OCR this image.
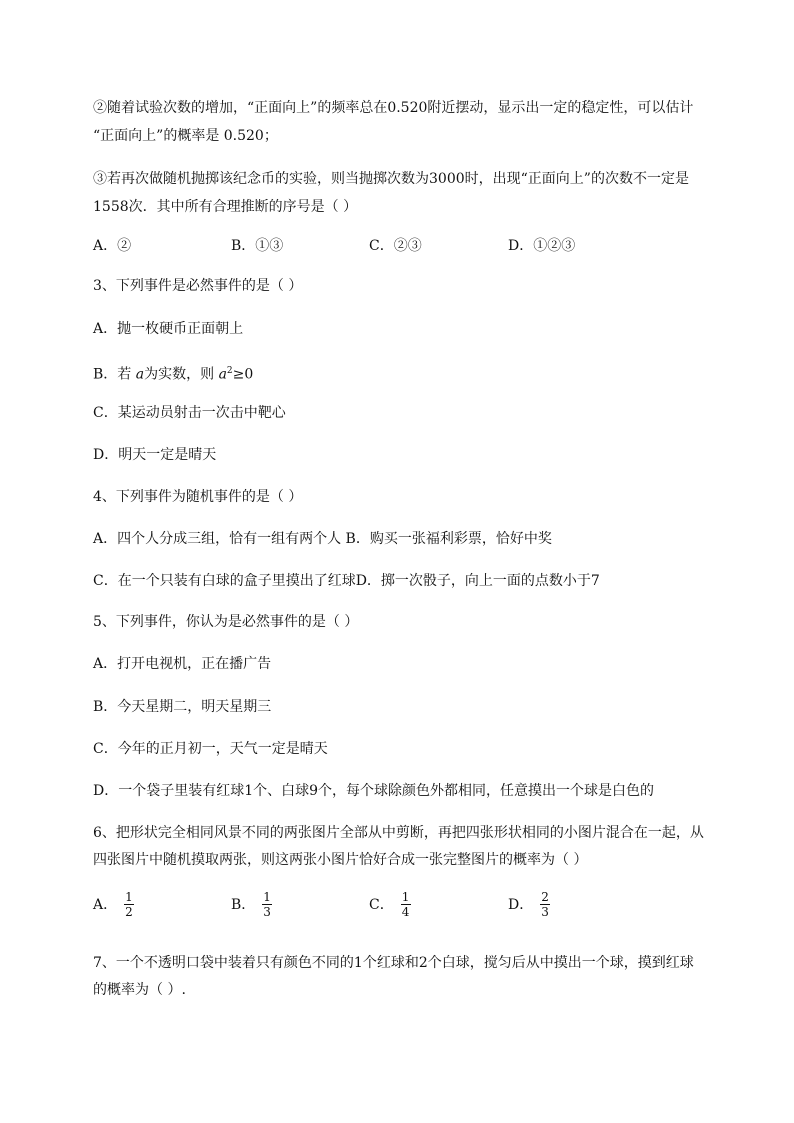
②随着试验次数的增加，“正面向上”的频率总在0.520附近摆动，显示出一定的稳定性，可以估计
“正面向上”的概率是 0.520；
③若再次做随机抛掷该纪念币的实验，则当抛掷次数为3000时，出现“正面向上”的次数不一定是
1558次．其中所有合理推断的序号是（ ）
A．②	B．①③	C．②③	D．①②③
3、下列事件是必然事件的是（ ）
A．抛一枚硬币正面朝上
B．若 a为实数，则 $a^2\ge 0$
C．某运动员射击一次击中靶心
D．明天一定是晴天
4、下列事件为随机事件的是（ ）
A．四个人分成三组，恰有一组有两个人 B．购买一张福利彩票，恰好中奖
C．在一个只装有白球的盒子里摸出了红球D．掷一次骰子，向上一面的点数小于7
5、下列事件，你认为是必然事件的是（ ）
A．打开电视机，正在播广告
B．今天星期二，明天星期三
C．今年的正月初一，天气一定是晴天
D．一个袋子里装有红球1个、白球9个，每个球除颜色外都相同，任意摸出一个球是白色的
6、把形状完全相同风景不同的两张图片全部从中剪断，再把四张形状相同的小图片混合在一起，从
四张图片中随机摸取两张，则这两张小图片恰好合成一张完整图片的概率为（ ）
A． $\frac{1}{2}$	B． $\frac{1}{3}$	C． $\frac{1}{4}$	D． $\frac{2}{3}$
7、一个不透明口袋中装着只有颜色不同的1个红球和2个白球，搅匀后从中摸出一个球，摸到红球
的概率为（ ）.
